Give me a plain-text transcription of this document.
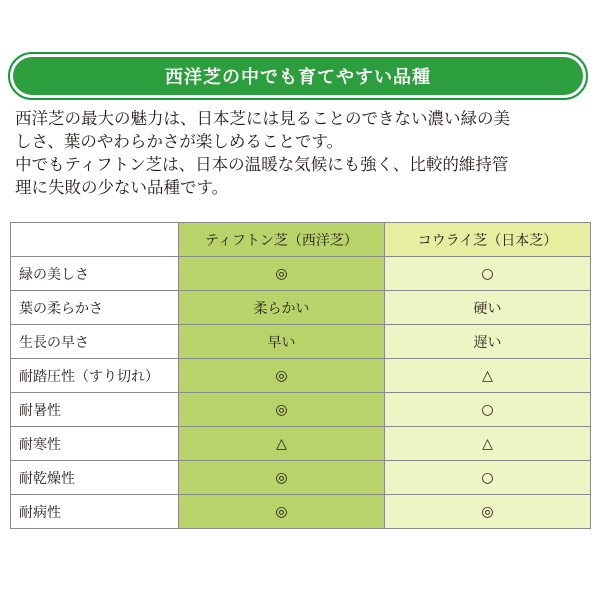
西洋芝の中でも育てやすい品種

西洋芝の最大の魅力は、日本芝には見ることのできない濃い緑の美

しさ、葉のやわらかさが楽しめることです。

中でもティフトン芝は、日本の温暖な気候にも強く、比較的維持管

理に失敗の少ない品種です。

	ティフトン芝（西洋芝）	コウライ芝（日本芝）
緑の美しさ	◎	○
葉の柔らかさ	柔らかい	硬い
生長の早さ	早い	遅い
耐踏圧性（すり切れ）	◎	△
耐暑性	◎	○
耐寒性	△	△
耐乾燥性	◎	○
耐病性	◎	◎
